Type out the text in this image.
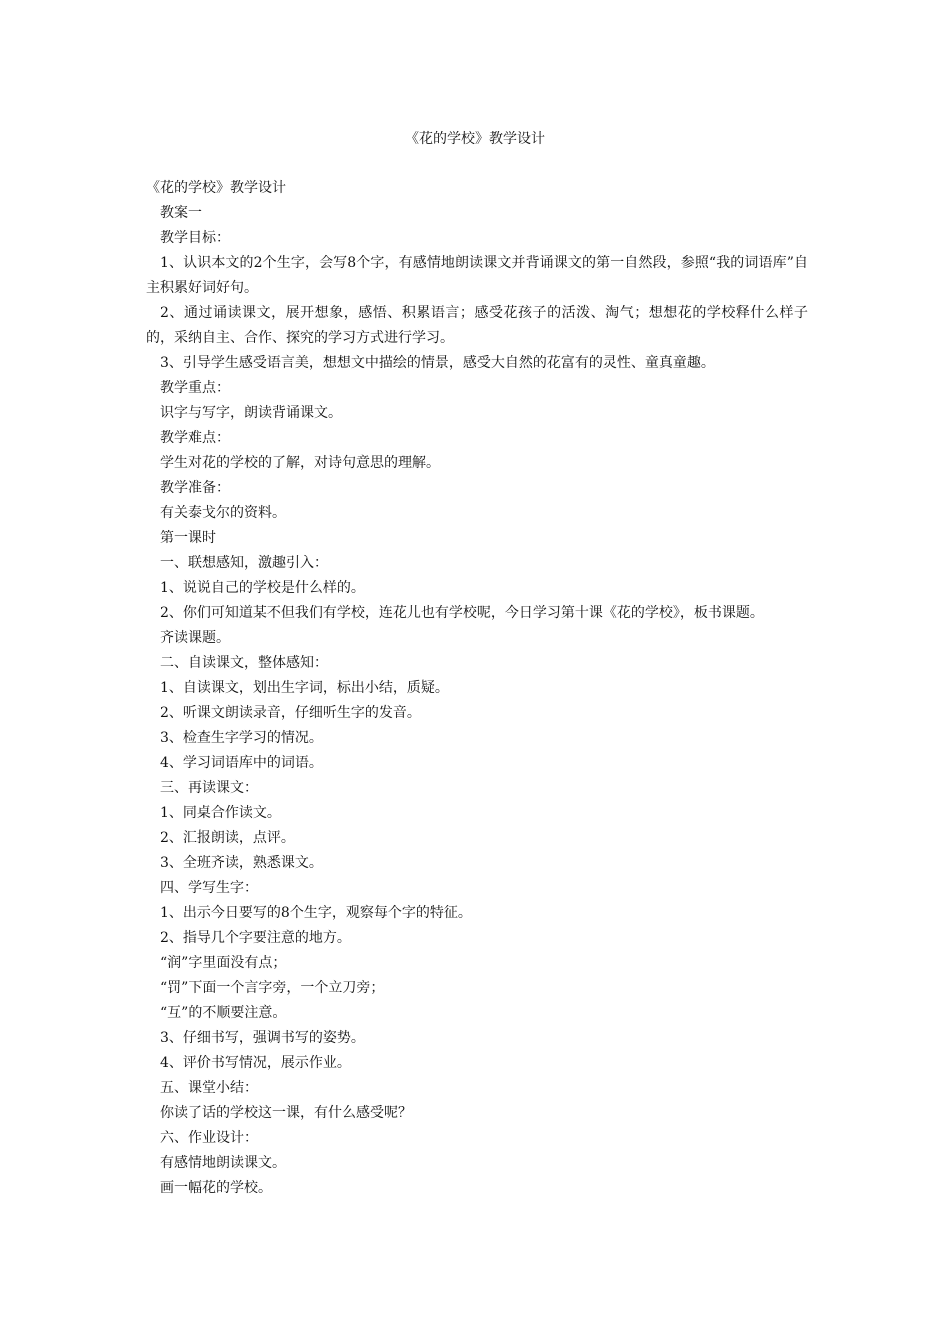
《花的学校》教学设计

《花的学校》教学设计

教案一

教学目标：

1、认识本文的2个生字，会写8个字，有感情地朗读课文并背诵课文的第一自然段，参照“我的词语库”自主积累好词好句。

2、通过诵读课文，展开想象，感悟、积累语言；感受花孩子的活泼、淘气；想想花的学校释什么样子的，采纳自主、合作、探究的学习方式进行学习。

3、引导学生感受语言美，想想文中描绘的情景，感受大自然的花富有的灵性、童真童趣。

教学重点：

识字与写字，朗读背诵课文。

教学难点：

学生对花的学校的了解，对诗句意思的理解。

教学准备：

有关泰戈尔的资料。

第一课时

一、联想感知，激趣引入：

1、说说自己的学校是什么样的。

2、你们可知道某不但我们有学校，连花儿也有学校呢，今日学习第十课《花的学校》，板书课题。

齐读课题。

二、自读课文，整体感知：

1、自读课文，划出生字词，标出小结，质疑。

2、听课文朗读录音，仔细听生字的发音。

3、检查生字学习的情况。

4、学习词语库中的词语。

三、再读课文：

1、同桌合作读文。

2、汇报朗读，点评。

3、全班齐读，熟悉课文。

四、学写生字：

1、出示今日要写的8个生字，观察每个字的特征。

2、指导几个字要注意的地方。

“润”字里面没有点；

“罚”下面一个言字旁，一个立刀旁；

“互”的不顺要注意。

3、仔细书写，强调书写的姿势。

4、评价书写情况，展示作业。

五、课堂小结：

你读了话的学校这一课，有什么感受呢？

六、作业设计：

有感情地朗读课文。

画一幅花的学校。
